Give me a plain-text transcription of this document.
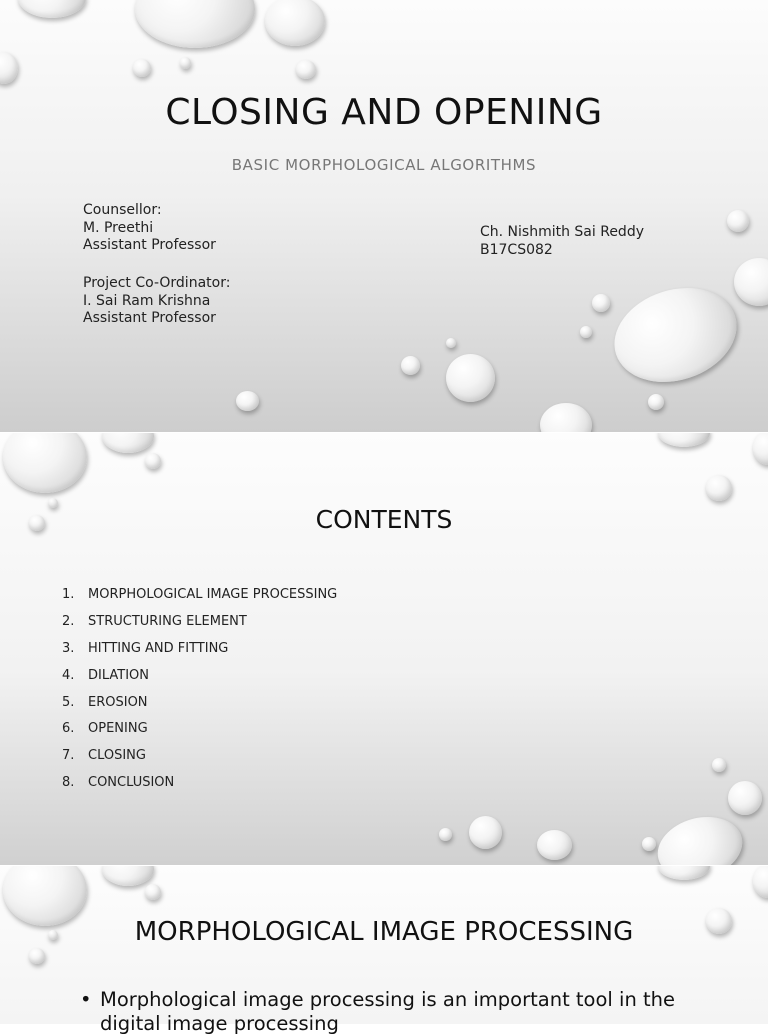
CLOSING AND OPENING
BASIC MORPHOLOGICAL ALGORITHMS
Counsellor:
M. Preethi
Assistant Professor
Project Co-Ordinator:
I. Sai Ram Krishna
Assistant Professor
Ch. Nishmith Sai Reddy
B17CS082
CONTENTS
1.	MORPHOLOGICAL IMAGE PROCESSING
2.	STRUCTURING ELEMENT
3.	HITTING AND FITTING
4.	DILATION
5.	EROSION
6.	OPENING
7.	CLOSING
8.	CONCLUSION
MORPHOLOGICAL IMAGE PROCESSING
• Morphological image processing is an important tool in the digital image processing
